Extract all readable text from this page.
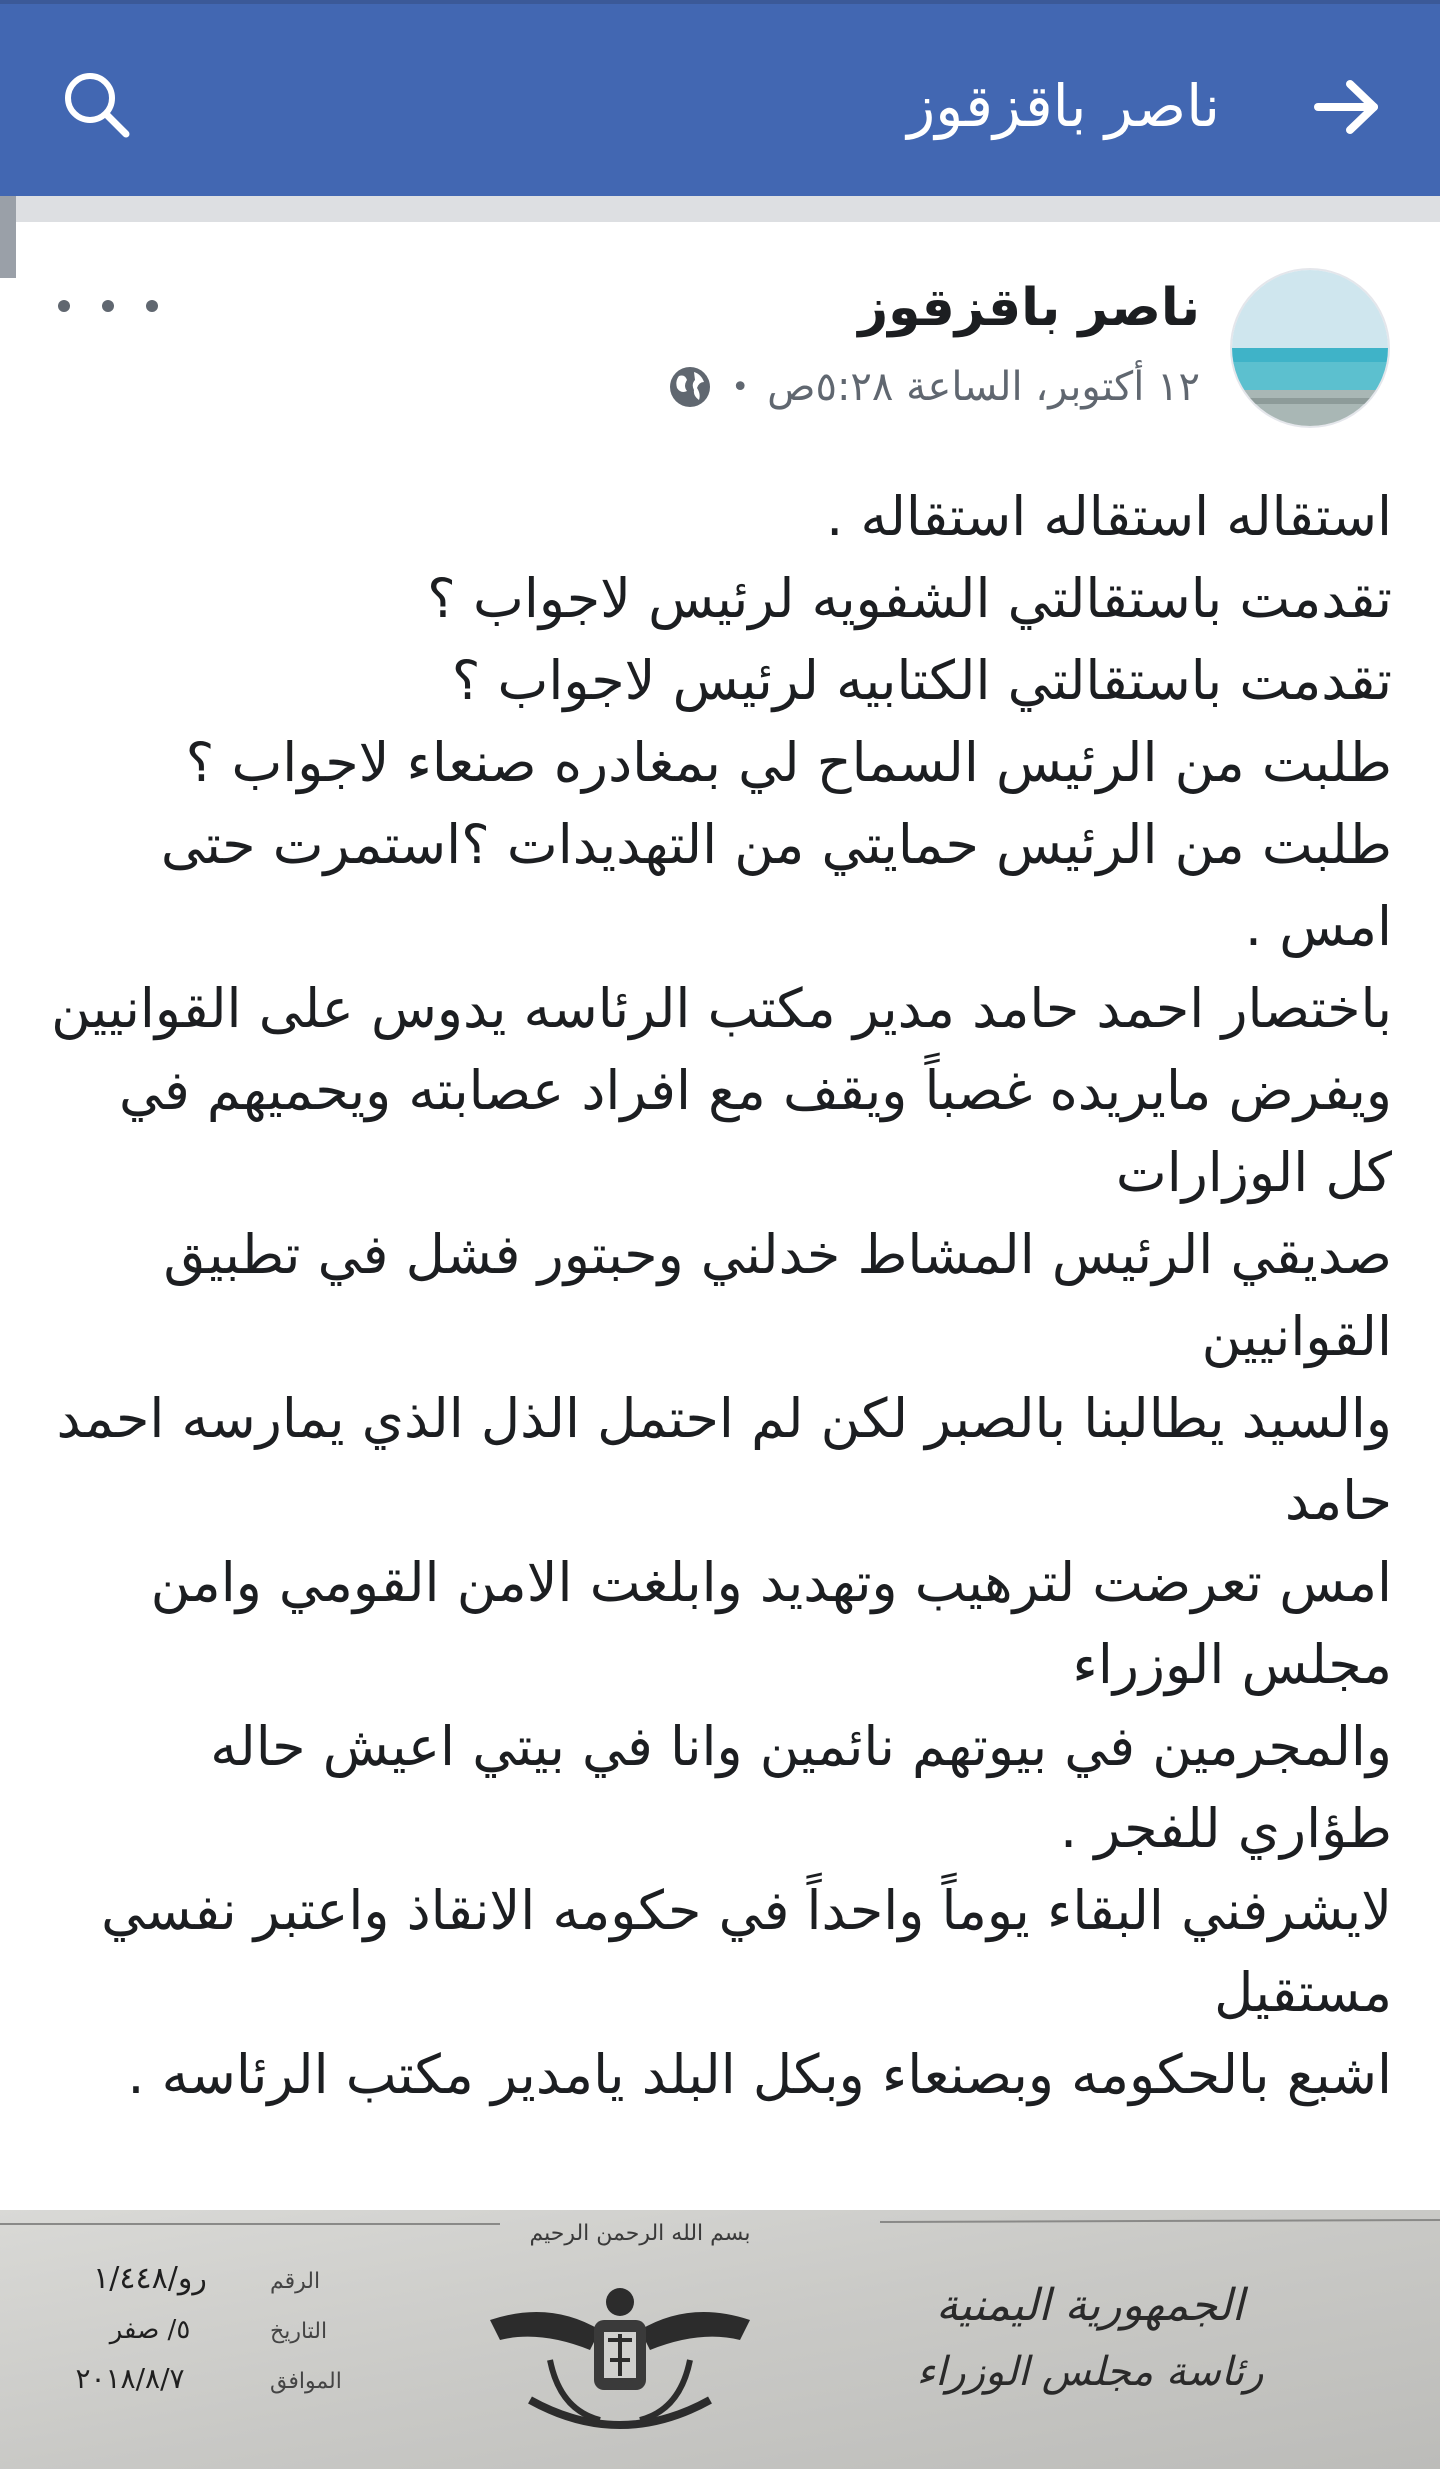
ناصر باقزقوز
ناصر باقزقوز
١٢ أكتوبر، الساعة ٥:٢٨ص
•

استقاله استقاله استقاله .

تقدمت باستقالتي الشفويه لرئيس لاجواب ؟

تقدمت باستقالتي الكتابيه لرئيس لاجواب ؟

طلبت من الرئيس السماح لي بمغادره صنعاء لاجواب ؟

طلبت من الرئيس حمايتي من التهديدات ؟استمرت حتى امس .

باختصار احمد حامد مدير مكتب الرئاسه يدوس على القوانيين

ويفرض مايريده غصباً ويقف مع افراد عصابته ويحميهم في كل الوزارات

صديقي الرئيس المشاط خدلني وحبتور فشل في تطبيق القوانيين

والسيد يطالبنا بالصبر لكن لم احتمل الذل الذي يمارسه احمد حامد

امس تعرضت لترهيب وتهديد وابلغت الامن القومي وامن مجلس الوزراء

والمجرمين في بيوتهم نائمين وانا في بيتي اعيش حاله طؤاري للفجر .

لايشرفني البقاء يوماً واحداً في حكومه الانقاذ واعتبر نفسي مستقيل

اشبع بالحكومه وبصنعاء وبكل البلد يامدير مكتب الرئاسه .

بسم الله الرحمن الرحيم
الرقم
رو/١/٤٤٨
التاريخ
٥/ صفر
الموافق
٢٠١٨/٨/٧
الجمهورية اليمنية
رئاسة مجلس الوزراء
